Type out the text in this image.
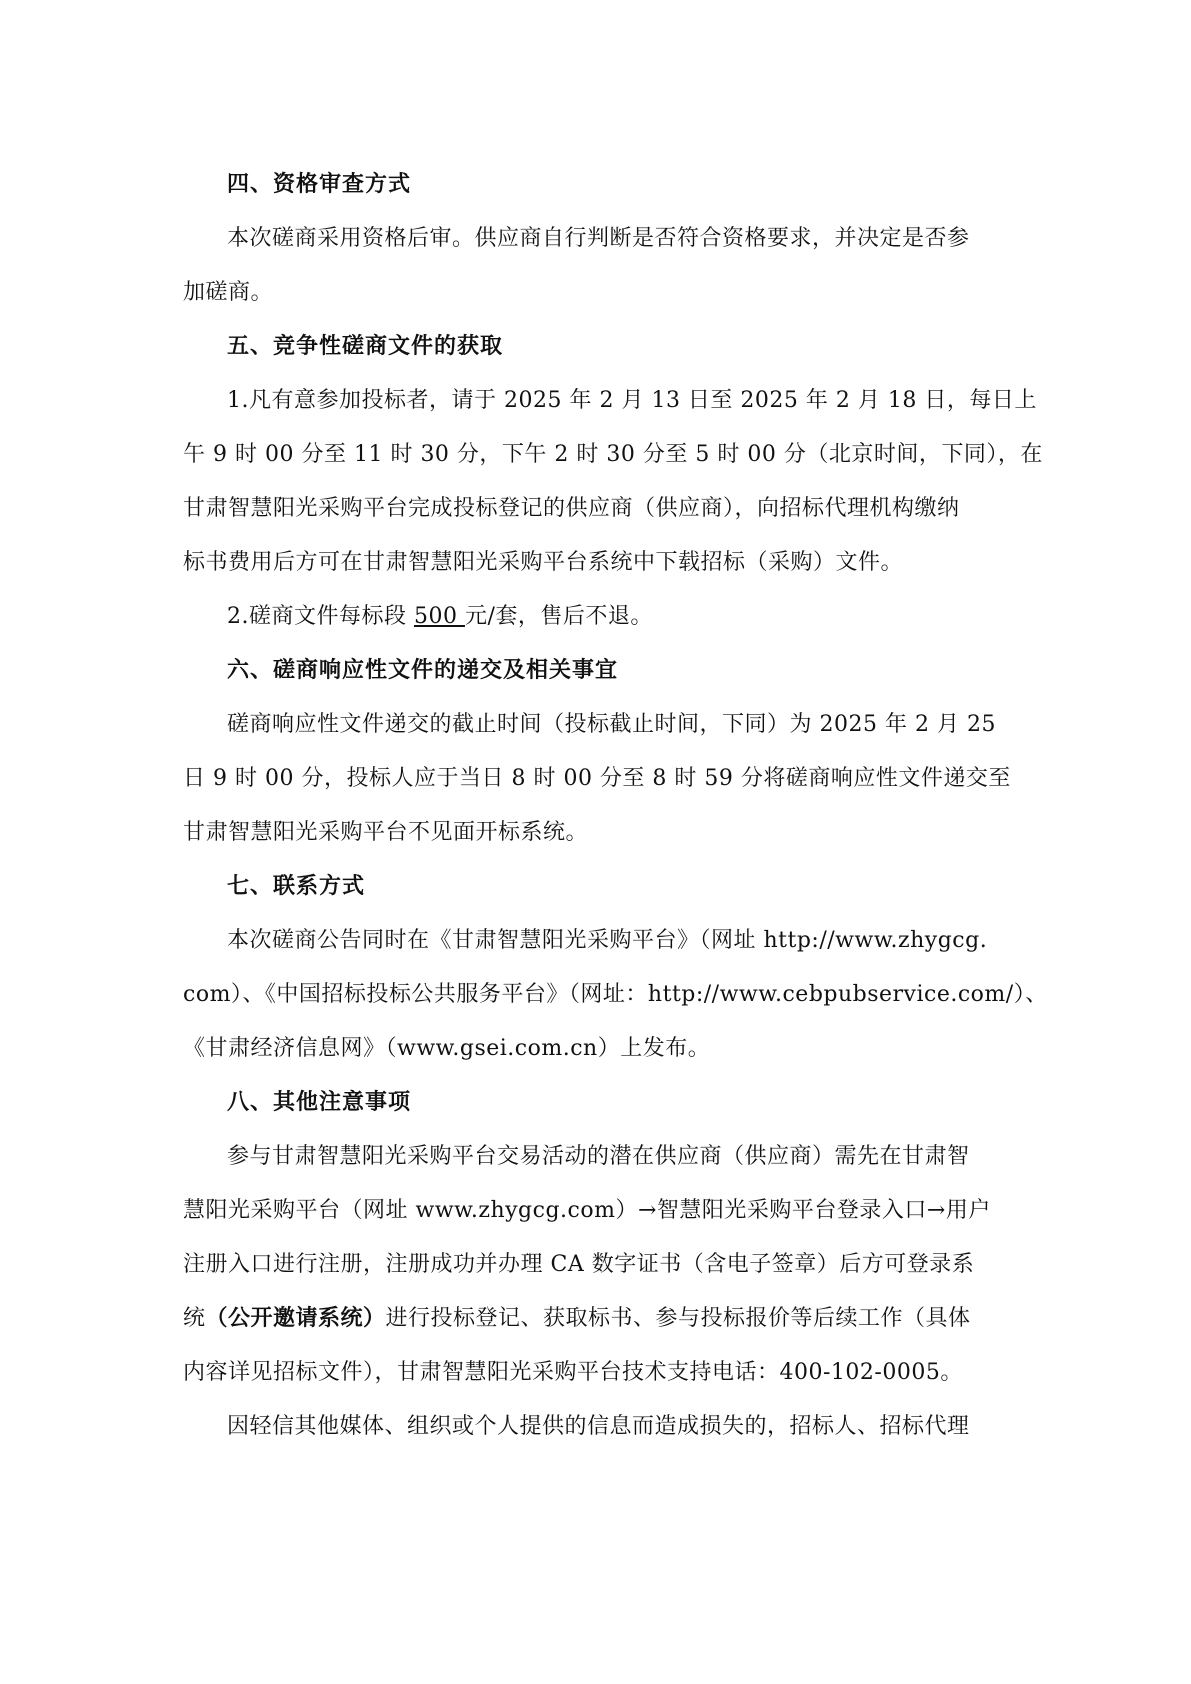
四、资格审查方式
本次磋商采用资格后审。供应商自行判断是否符合资格要求，并决定是否参
加磋商。
五、竞争性磋商文件的获取
1.凡有意参加投标者，请于 2025 年 2 月 13 日至 2025 年 2 月 18 日，每日上
午 9 时 00 分至 11 时 30 分，下午 2 时 30 分至 5 时 00 分（北京时间，下同），在
甘肃智慧阳光采购平台完成投标登记的供应商（供应商），向招标代理机构缴纳
标书费用后方可在甘肃智慧阳光采购平台系统中下载招标（采购）文件。
2.磋商文件每标段 500 元/套，售后不退。
六、磋商响应性文件的递交及相关事宜
磋商响应性文件递交的截止时间（投标截止时间，下同）为 2025 年 2 月 25
日 9 时 00 分，投标人应于当日 8 时 00 分至 8 时 59 分将磋商响应性文件递交至
甘肃智慧阳光采购平台不见面开标系统。
七、联系方式
本次磋商公告同时在《甘肃智慧阳光采购平台》（网址 http://www.zhygcg.
com）、《中国招标投标公共服务平台》（网址：http://www.cebpubservice.com/）、
《甘肃经济信息网》（www.gsei.com.cn）上发布。
八、其他注意事项
参与甘肃智慧阳光采购平台交易活动的潜在供应商（供应商）需先在甘肃智
慧阳光采购平台（网址 www.zhygcg.com）→智慧阳光采购平台登录入口→用户
注册入口进行注册，注册成功并办理 CA 数字证书（含电子签章）后方可登录系
统（公开邀请系统）进行投标登记、获取标书、参与投标报价等后续工作（具体
内容详见招标文件），甘肃智慧阳光采购平台技术支持电话：400-102-0005。
因轻信其他媒体、组织或个人提供的信息而造成损失的，招标人、招标代理
